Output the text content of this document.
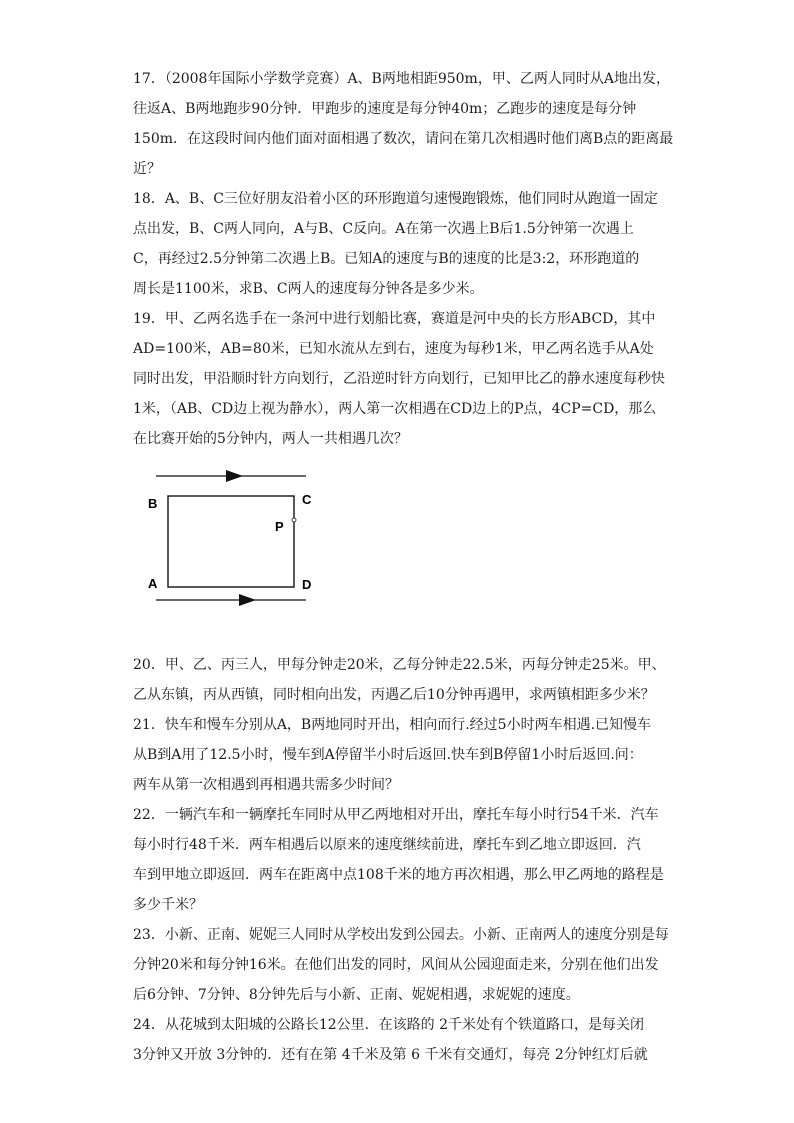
17．（2008年国际小学数学竞赛）A、B两地相距950m，甲、乙两人同时从A地出发，
往返A、B两地跑步90分钟．甲跑步的速度是每分钟40m；乙跑步的速度是每分钟
150m．在这段时间内他们面对面相遇了数次，请问在第几次相遇时他们离B点的距离最
近？
18．A、B、C三位好朋友沿着小区的环形跑道匀速慢跑锻炼，他们同时从跑道一固定
点出发，B、C两人同向，A与B、C反向。A在第一次遇上B后1.5分钟第一次遇上
C，再经过2.5分钟第二次遇上B。已知A的速度与B的速度的比是3:2，环形跑道的
周长是1100米，求B、C两人的速度每分钟各是多少米。
19．甲、乙两名选手在一条河中进行划船比赛，赛道是河中央的长方形ABCD，其中
AD=100米，AB=80米，已知水流从左到右，速度为每秒1米，甲乙两名选手从A处
同时出发，甲沿顺时针方向划行，乙沿逆时针方向划行，已知甲比乙的静水速度每秒快
1米，（AB、CD边上视为静水），两人第一次相遇在CD边上的P点，4CP=CD，那么
在比赛开始的5分钟内，两人一共相遇几次？
B	C
P
A	D
20．甲、乙、丙三人，甲每分钟走20米，乙每分钟走22.5米，丙每分钟走25米。甲、
乙从东镇，丙从西镇，同时相向出发，丙遇乙后10分钟再遇甲，求两镇相距多少米？
21．快车和慢车分别从A，B两地同时开出，相向而行.经过5小时两车相遇.已知慢车
从B到A用了12.5小时，慢车到A停留半小时后返回.快车到B停留1小时后返回.问：
两车从第一次相遇到再相遇共需多少时间？
22．一辆汽车和一辆摩托车同时从甲乙两地相对开出，摩托车每小时行54千米．汽车
每小时行48千米．两车相遇后以原来的速度继续前进，摩托车到乙地立即返回．汽
车到甲地立即返回．两车在距离中点108千米的地方再次相遇，那么甲乙两地的路程是
多少千米？
23．小新、正南、妮妮三人同时从学校出发到公园去。小新、正南两人的速度分别是每
分钟20米和每分钟16米。在他们出发的同时，风间从公园迎面走来，分别在他们出发
后6分钟、7分钟、8分钟先后与小新、正南、妮妮相遇，求妮妮的速度。
24．从花城到太阳城的公路长12公里．在该路的 2千米处有个铁道路口，是每关闭
3分钟又开放 3分钟的．还有在第 4千米及第 6 千米有交通灯，每亮 2分钟红灯后就
